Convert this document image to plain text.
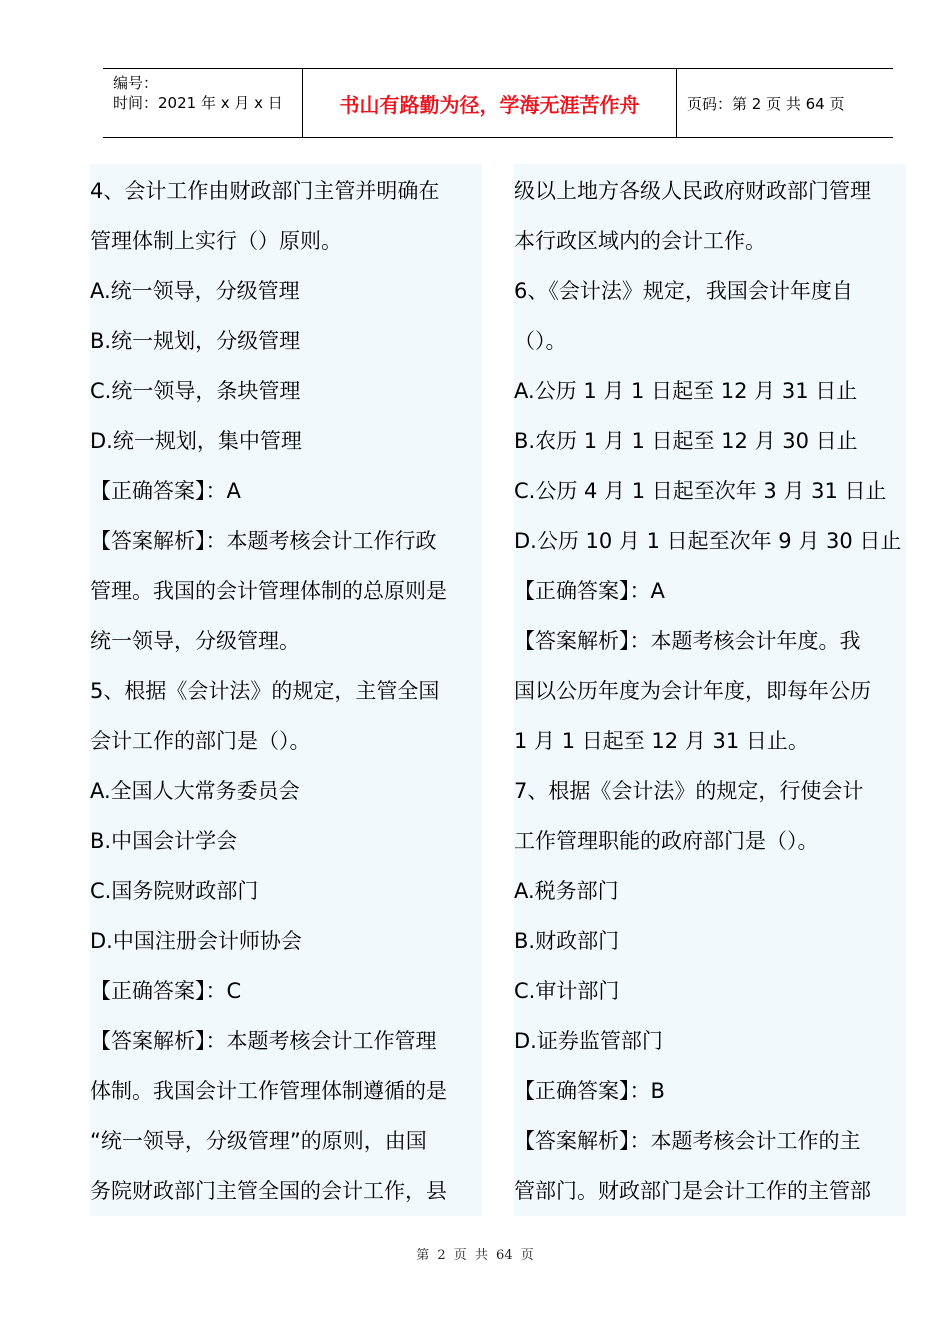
编号：
时间：2021 年 x 月 x 日	书山有路勤为径，学海无涯苦作舟	页码：第 2 页 共 64 页
4、会计工作由财政部门主管并明确在
管理体制上实行（）原则。
A.统一领导，分级管理
B.统一规划，分级管理
C.统一领导，条块管理
D.统一规划，集中管理
【正确答案】：A
【答案解析】：本题考核会计工作行政
管理。我国的会计管理体制的总原则是
统一领导，分级管理。
5、根据《会计法》的规定，主管全国
会计工作的部门是（）。
A.全国人大常务委员会
B.中国会计学会
C.国务院财政部门
D.中国注册会计师协会
【正确答案】：C
【答案解析】：本题考核会计工作管理
体制。我国会计工作管理体制遵循的是
“统一领导，分级管理”的原则，由国
务院财政部门主管全国的会计工作，县
级以上地方各级人民政府财政部门管理
本行政区域内的会计工作。
6、《会计法》规定，我国会计年度自
（）。
A.公历 1 月 1 日起至 12 月 31 日止
B.农历 1 月 1 日起至 12 月 30 日止
C.公历 4 月 1 日起至次年 3 月 31 日止
D.公历 10 月 1 日起至次年 9 月 30 日止
【正确答案】：A
【答案解析】：本题考核会计年度。我
国以公历年度为会计年度，即每年公历
1 月 1 日起至 12 月 31 日止。
7、根据《会计法》的规定，行使会计
工作管理职能的政府部门是（）。
A.税务部门
B.财政部门
C.审计部门
D.证券监管部门
【正确答案】：B
【答案解析】：本题考核会计工作的主
管部门。财政部门是会计工作的主管部
第 2 页 共 64 页
